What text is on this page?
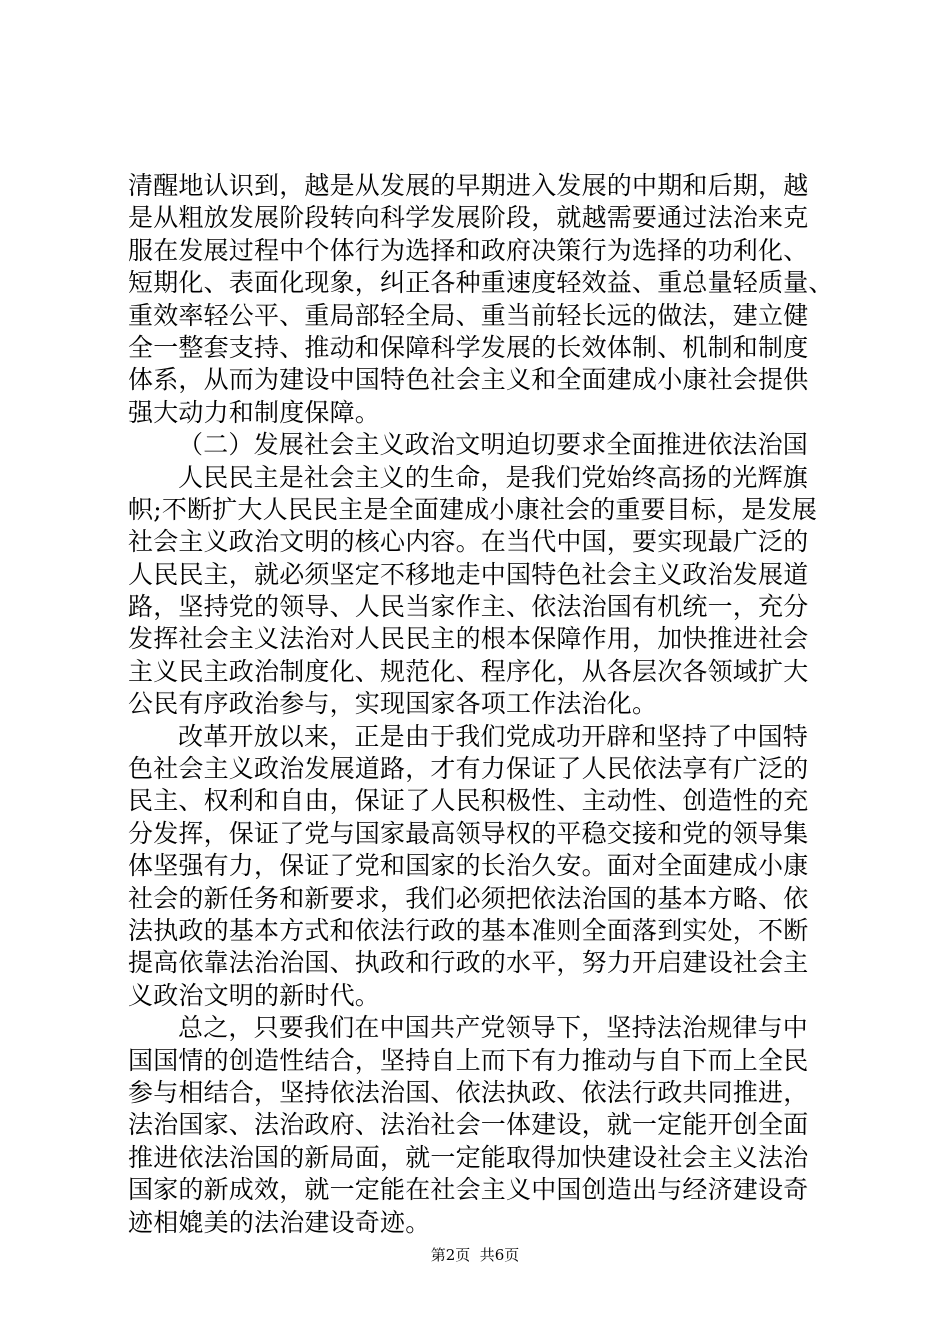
清醒地认识到，越是从发展的早期进入发展的中期和后期，越
是从粗放发展阶段转向科学发展阶段，就越需要通过法治来克
服在发展过程中个体行为选择和政府决策行为选择的功利化、
短期化、表面化现象，纠正各种重速度轻效益、重总量轻质量、
重效率轻公平、重局部轻全局、重当前轻长远的做法，建立健
全一整套支持、推动和保障科学发展的长效体制、机制和制度
体系，从而为建设中国特色社会主义和全面建成小康社会提供
强大动力和制度保障。
（二）发展社会主义政治文明迫切要求全面推进依法治国
人民民主是社会主义的生命，是我们党始终高扬的光辉旗
帜;不断扩大人民民主是全面建成小康社会的重要目标，是发展
社会主义政治文明的核心内容。在当代中国，要实现最广泛的
人民民主，就必须坚定不移地走中国特色社会主义政治发展道
路，坚持党的领导、人民当家作主、依法治国有机统一，充分
发挥社会主义法治对人民民主的根本保障作用，加快推进社会
主义民主政治制度化、规范化、程序化，从各层次各领域扩大
公民有序政治参与，实现国家各项工作法治化。
改革开放以来，正是由于我们党成功开辟和坚持了中国特
色社会主义政治发展道路，才有力保证了人民依法享有广泛的
民主、权利和自由，保证了人民积极性、主动性、创造性的充
分发挥，保证了党与国家最高领导权的平稳交接和党的领导集
体坚强有力，保证了党和国家的长治久安。面对全面建成小康
社会的新任务和新要求，我们必须把依法治国的基本方略、依
法执政的基本方式和依法行政的基本准则全面落到实处，不断
提高依靠法治治国、执政和行政的水平，努力开启建设社会主
义政治文明的新时代。
总之，只要我们在中国共产党领导下，坚持法治规律与中
国国情的创造性结合，坚持自上而下有力推动与自下而上全民
参与相结合，坚持依法治国、依法执政、依法行政共同推进，
法治国家、法治政府、法治社会一体建设，就一定能开创全面
推进依法治国的新局面，就一定能取得加快建设社会主义法治
国家的新成效，就一定能在社会主义中国创造出与经济建设奇
迹相媲美的法治建设奇迹。
第2页  共6页
